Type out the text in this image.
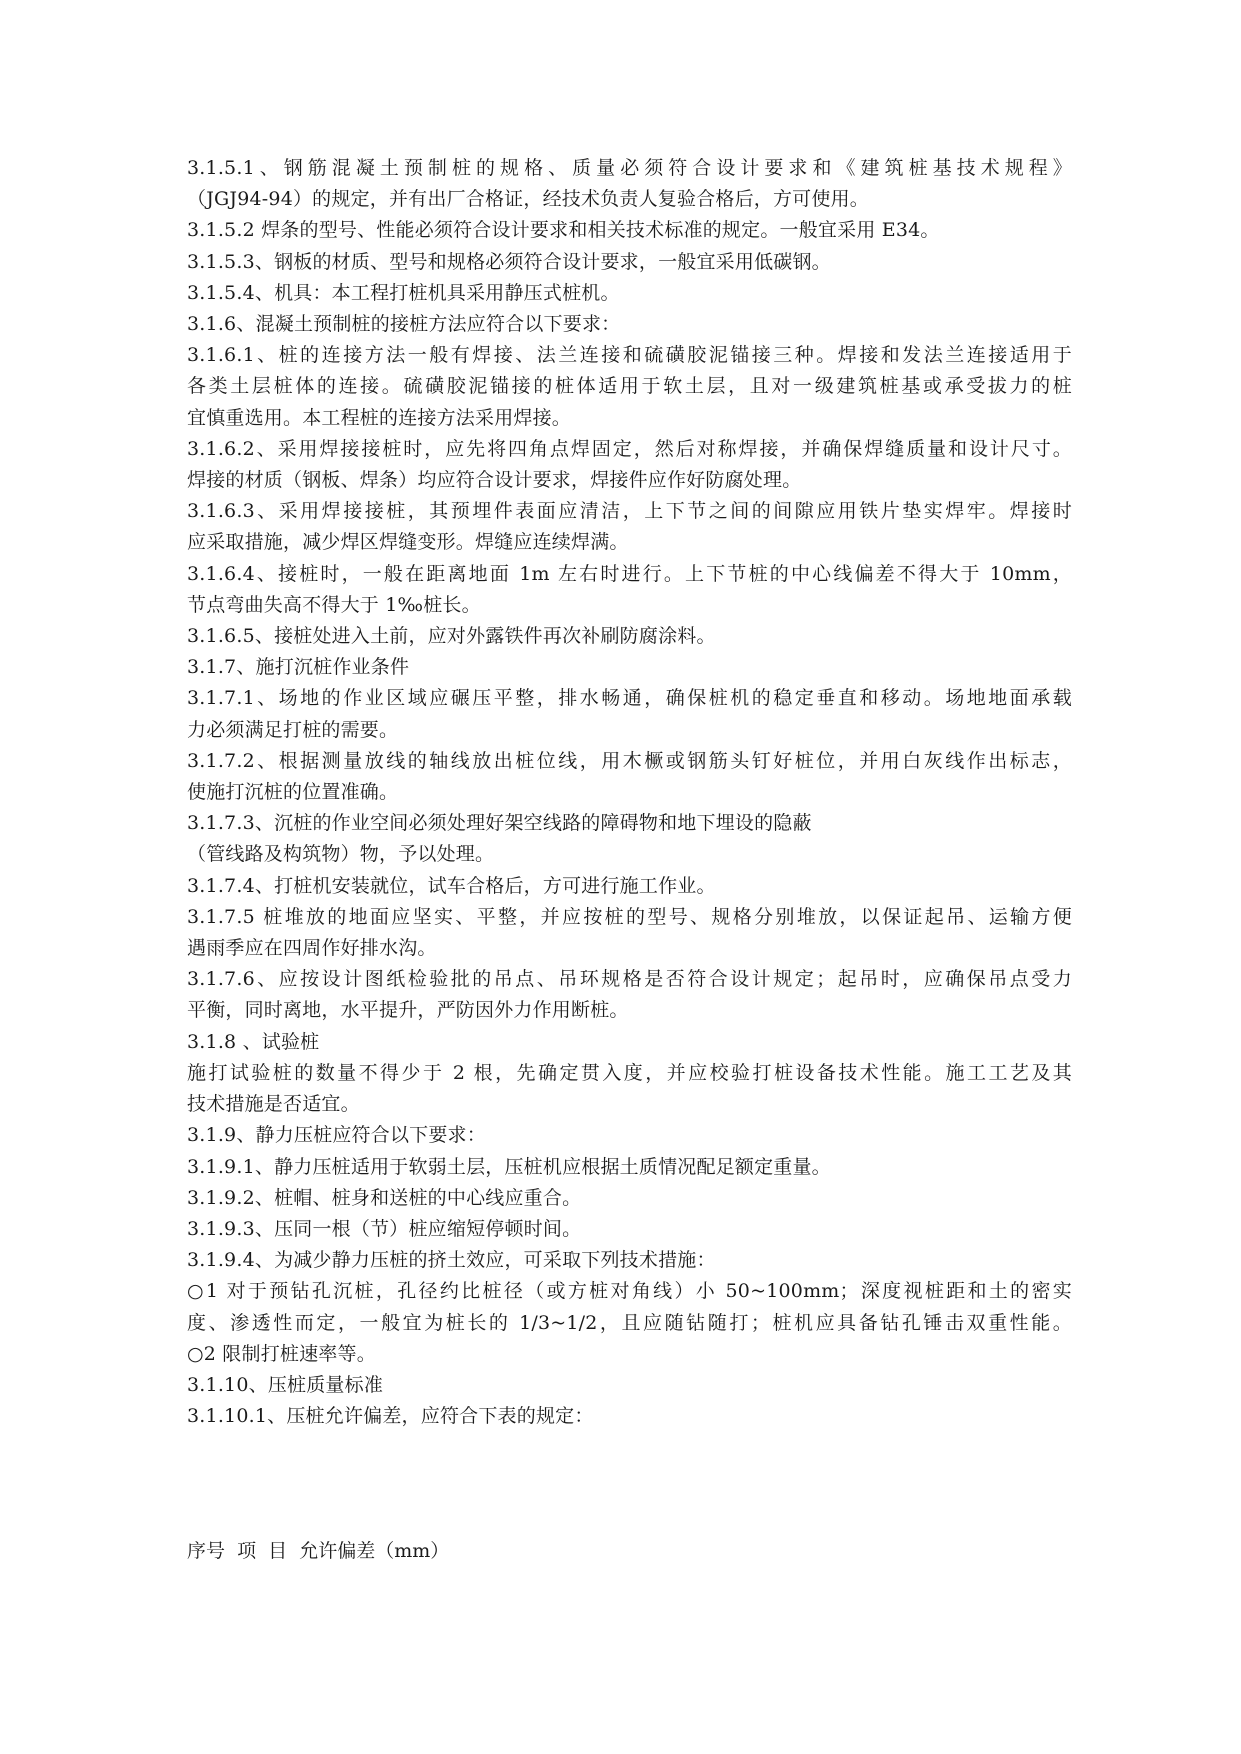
3.1.5.1、钢筋混凝土预制桩的规格、质量必须符合设计要求和《建筑桩基技术规程》
（JGJ94-94）的规定，并有出厂合格证，经技术负责人复验合格后，方可使用。
3.1.5.2 焊条的型号、性能必须符合设计要求和相关技术标准的规定。一般宜采用 E34。
3.1.5.3、钢板的材质、型号和规格必须符合设计要求，一般宜采用低碳钢。
3.1.5.4、机具：本工程打桩机具采用静压式桩机。
3.1.6、混凝土预制桩的接桩方法应符合以下要求：
3.1.6.1、桩的连接方法一般有焊接、法兰连接和硫磺胶泥锚接三种。焊接和发法兰连接适用于
各类土层桩体的连接。硫磺胶泥锚接的桩体适用于软土层，且对一级建筑桩基或承受拔力的桩
宜慎重选用。本工程桩的连接方法采用焊接。
3.1.6.2、采用焊接接桩时，应先将四角点焊固定，然后对称焊接，并确保焊缝质量和设计尺寸。
焊接的材质（钢板、焊条）均应符合设计要求，焊接件应作好防腐处理。
3.1.6.3、采用焊接接桩，其预埋件表面应清洁，上下节之间的间隙应用铁片垫实焊牢。焊接时
应采取措施，减少焊区焊缝变形。焊缝应连续焊满。
3.1.6.4、接桩时，一般在距离地面 1m 左右时进行。上下节桩的中心线偏差不得大于 10mm，
节点弯曲失高不得大于 1‰桩长。
3.1.6.5、接桩处进入土前，应对外露铁件再次补刷防腐涂料。
3.1.7、施打沉桩作业条件
3.1.7.1、场地的作业区域应碾压平整，排水畅通，确保桩机的稳定垂直和移动。场地地面承载
力必须满足打桩的需要。
3.1.7.2、根据测量放线的轴线放出桩位线，用木橛或钢筋头钉好桩位，并用白灰线作出标志，
使施打沉桩的位置准确。
3.1.7.3、沉桩的作业空间必须处理好架空线路的障碍物和地下埋设的隐蔽
（管线路及构筑物）物，予以处理。
3.1.7.4、打桩机安装就位，试车合格后，方可进行施工作业。
3.1.7.5 桩堆放的地面应坚实、平整，并应按桩的型号、规格分别堆放，以保证起吊、运输方便
遇雨季应在四周作好排水沟。
3.1.7.6、应按设计图纸检验批的吊点、吊环规格是否符合设计规定；起吊时，应确保吊点受力
平衡，同时离地，水平提升，严防因外力作用断桩。
3.1.8 、试验桩
施打试验桩的数量不得少于 2 根，先确定贯入度，并应校验打桩设备技术性能。施工工艺及其
技术措施是否适宜。
3.1.9、静力压桩应符合以下要求：
3.1.9.1、静力压桩适用于软弱土层，压桩机应根据土质情况配足额定重量。
3.1.9.2、桩帽、桩身和送桩的中心线应重合。
3.1.9.3、压同一根（节）桩应缩短停顿时间。
3.1.9.4、为减少静力压桩的挤土效应，可采取下列技术措施：
○1 对于预钻孔沉桩，孔径约比桩径（或方桩对角线）小 50~100mm；深度视桩距和土的密实
度、渗透性而定，一般宜为桩长的 1/3~1/2，且应随钻随打；桩机应具备钻孔锤击双重性能。
○2 限制打桩速率等。
3.1.10、压桩质量标准
3.1.10.1、压桩允许偏差，应符合下表的规定：
序号  项  目  允许偏差（mm）
